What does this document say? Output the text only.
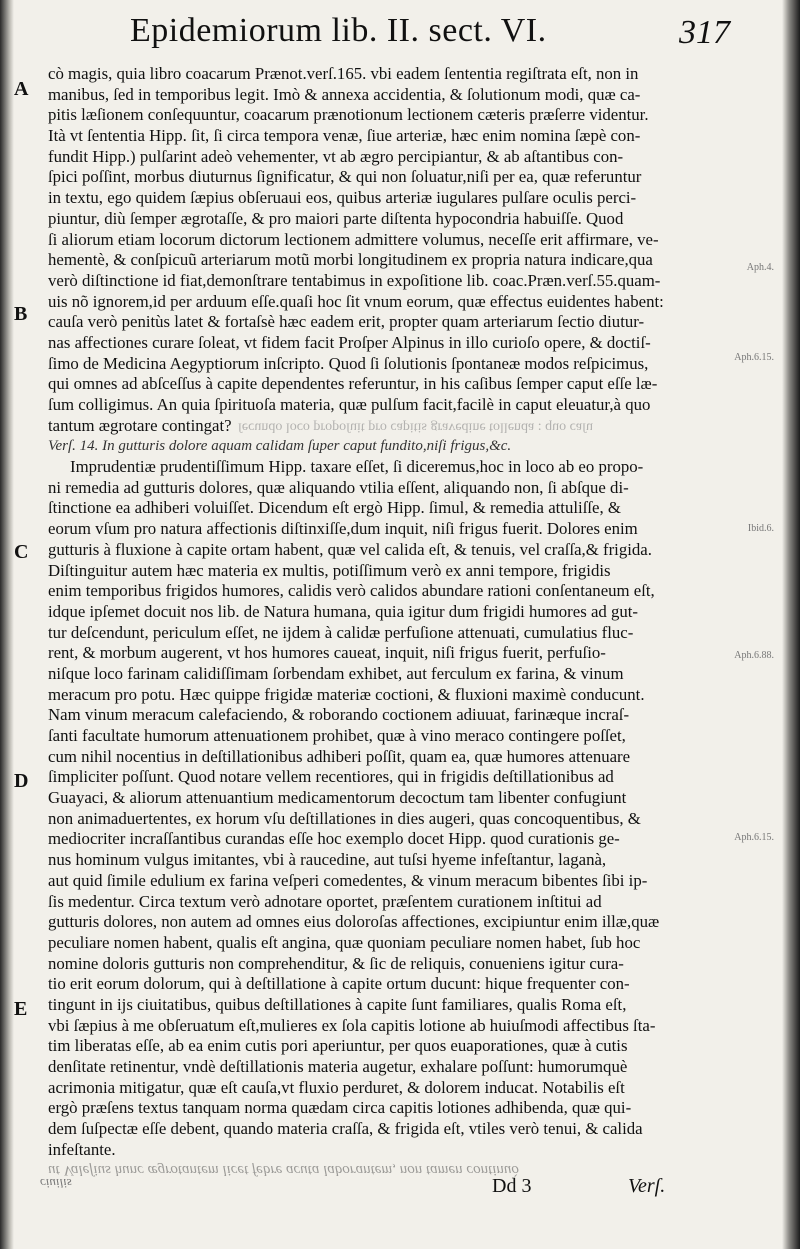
Epidemiorum lib. II. sect. VI.	317
A
B
C
D
E
Aph.4.
Aph.6.15.
Ibid.6.
Aph.6.88.
Aph.6.15.
cò magis, quia libro coacarum Prænot.verſ.165. vbi eadem ſententia regiſtrata eſt, non in
manibus, ſed in temporibus legit. Imò & annexa accidentia, & ſolutionum modi, quæ ca-
pitis læſionem conſequuntur, coacarum prænotionum lectionem cæteris præſerre videntur.
Ità vt ſententia Hipp. ſit, ſi circa tempora venæ, ſiue arteriæ, hæc enim nomina ſæpè con-
fundit Hipp.) pulſarint adeò vehementer, vt ab ægro percipiantur, & ab aſtantibus con-
ſpici poſſint, morbus diuturnus ſignificatur, & qui non ſoluatur,niſi per ea, quæ referuntur
in textu, ego quidem ſæpius obſeruaui eos, quibus arteriæ iugulares pulſare oculis perci-
piuntur, diù ſemper ægrotaſſe, & pro maiori parte diſtenta hypocondria habuiſſe. Quod
ſi aliorum etiam locorum dictorum lectionem admittere volumus, neceſſe erit affirmare, ve-
hementè, & conſpicuũ arteriarum motũ morbi longitudinem ex propria natura indicare,qua
verò diſtinctione id fiat,demonſtrare tentabimus in expoſitione lib. coac.Præn.verſ.55.quam-
uis nõ ignorem,id per arduum eſſe.quaſi hoc ſit vnum eorum, quæ effectus euidentes habent:
cauſa verò penitùs latet & fortaſsè hæc eadem erit, propter quam arteriarum ſectio diutur-
nas affectiones curare ſoleat, vt fidem facit Proſper Alpinus in illo curioſo opere, & doctiſ-
ſimo de Medicina Aegyptiorum inſcripto. Quod ſi ſolutionis ſpontaneæ modos reſpicimus,
qui omnes ad abſceſſus à capite dependentes referuntur, in his caſibus ſemper caput eſſe læ-
ſum colligimus. An quia ſpirituoſa materia, quæ pulſum facit,facilè in caput eleuatur,à quo
tantum ægrotare contingat? ſecundo loco propoſuit pro capitis gravedine tollenda : quo caſu
Verſ. 14. In gutturis dolore aquam calidam ſuper caput fundito,niſi frigus,&c.
Imprudentiæ prudentiſſimum Hipp. taxare eſſet, ſi diceremus,hoc in loco ab eo propo-
ni remedia ad gutturis dolores, quæ aliquando vtilia eſſent, aliquando non, ſi abſque di-
ſtinctione ea adhiberi voluiſſet. Dicendum eſt ergò Hipp. ſimul, & remedia attuliſſe, &
eorum vſum pro natura affectionis diſtinxiſſe,dum inquit, niſi frigus fuerit. Dolores enim
gutturis à fluxione à capite ortam habent, quæ vel calida eſt, & tenuis, vel craſſa,& frigida.
Diſtinguitur autem hæc materia ex multis, potiſſimum verò ex anni tempore, frigidis
enim temporibus frigidos humores, calidis verò calidos abundare rationi conſentaneum eſt,
idque ipſemet docuit nos lib. de Natura humana, quia igitur dum frigidi humores ad gut-
tur deſcendunt, periculum eſſet, ne ijdem à calidæ perfuſione attenuati, cumulatius fluc-
rent, & morbum augerent, vt hos humores caueat, inquit, niſi frigus fuerit, perfuſio-
niſque loco farinam calidiſſimam ſorbendam exhibet, aut ferculum ex farina, & vinum
meracum pro potu. Hæc quippe frigidæ materiæ coctioni, & fluxioni maximè conducunt.
Nam vinum meracum calefaciendo, & roborando coctionem adiuuat, farinæque incraſ-
ſanti facultate humorum attenuationem prohibet, quæ à vino meraco contingere poſſet,
cum nihil nocentius in deſtillationibus adhiberi poſſit, quam ea, quæ humores attenuare
ſimpliciter poſſunt. Quod notare vellem recentiores, qui in frigidis deſtillationibus ad
Guayaci, & aliorum attenuantium medicamentorum decoctum tam libenter confugiunt
non animaduertentes, ex horum vſu deſtillationes in dies augeri, quas concoquentibus, &
mediocriter incraſſantibus curandas eſſe hoc exemplo docet Hipp. quod curationis ge-
nus hominum vulgus imitantes, vbi à raucedine, aut tuſsi hyeme infeſtantur, laganà,
aut quid ſimile edulium ex farina veſperi comedentes, & vinum meracum bibentes ſibi ip-
ſis medentur. Circa textum verò adnotare oportet, præſentem curationem inſtitui ad
gutturis dolores, non autem ad omnes eius doloroſas affectiones, excipiuntur enim illæ,quæ
peculiare nomen habent, qualis eſt angina, quæ quoniam peculiare nomen habet, ſub hoc
nomine doloris gutturis non comprehenditur, & ſic de reliquis, conueniens igitur cura-
tio erit eorum dolorum, qui à deſtillatione à capite ortum ducunt: hique frequenter con-
tingunt in ijs ciuitatibus, quibus deſtillationes à capite ſunt familiares, qualis Roma eſt,
vbi ſæpius à me obſeruatum eſt,mulieres ex ſola capitis lotione ab huiuſmodi affectibus ſta-
tim liberatas eſſe, ab ea enim cutis pori aperiuntur, per quos euaporationes, quæ à cutis
denſitate retinentur, vndè deſtillationis materia augetur, exhalare poſſunt: humorumquè
acrimonia mitigatur, quæ eſt cauſa,vt fluxio perduret, & dolorem inducat. Notabilis eſt
ergò præſens textus tanquam norma quædam circa capitis lotiones adhibenda, quæ qui-
dem ſuſpectæ eſſe debent, quando materia craſſa, & frigida eſt, vtiles verò tenui, & calida
infeſtante.
ut Valeſius hunc ægrotantem licet febre acuta laborantem, non tamen continuò
ciuilis	Dd 3	Verſ.
